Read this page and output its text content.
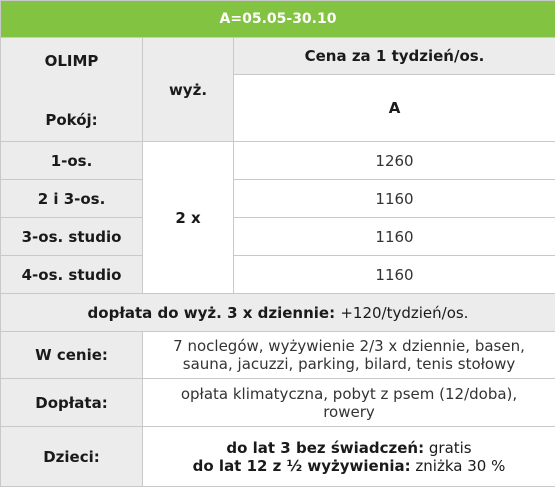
A=05.05-30.10		

OLIMP
Pokój:	wyż.	Cena za 1 tydzień/os.
		A
1-os.	2 x	1260
2 i 3-os.		1160
3-os. studio		1160
4-os. studio		1160
dopłata do wyż. 3 x dziennie: +120/tydzień/os.		
W cenie:	7 noclegów, wyżywienie 2/3 x dziennie, basen,
sauna, jacuzzi, parking, bilard, tenis stołowy	

Dopłata:	opłata klimatyczna, pobyt z psem (12/doba),
rowery	

Dzieci:	do lat 3 bez świadczeń: gratis
do lat 12 z ½ wyżywienia: zniżka 30 %	
